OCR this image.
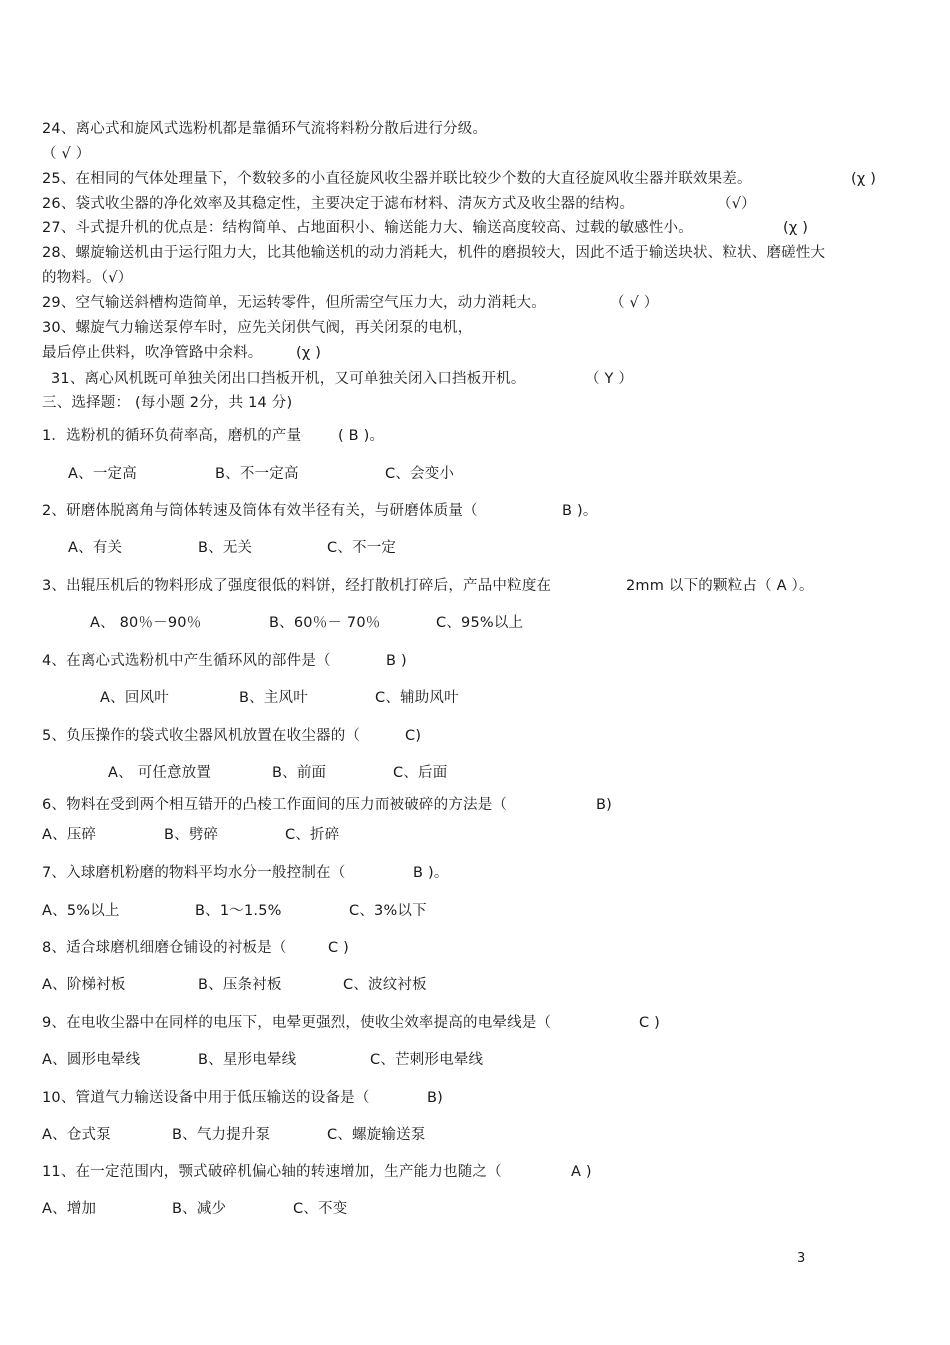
24、离心式和旋风式选粉机都是靠循环气流将料粉分散后进行分级。
（ √ ）
25、在相同的气体处理量下，个数较多的小直径旋风收尘器并联比较少个数的大直径旋风收尘器并联效果差。	(χ )
26、袋式收尘器的净化效率及其稳定性，主要决定于滤布材料、清灰方式及收尘器的结构。	（√）
27、斗式提升机的优点是：结构简单、占地面积小、输送能力大、输送高度较高、过载的敏感性小。	(χ )
28、螺旋输送机由于运行阻力大，比其他输送机的动力消耗大，机件的磨损较大，因此不适于输送块状、粒状、磨磋性大
的物料。（√）
29、空气输送斜槽构造简单，无运转零件，但所需空气压力大，动力消耗大。	（ √ ）
30、螺旋气力输送泵停车时，应先关闭供气阀，再关闭泵的电机，
最后停止供料，吹净管路中余料。 (χ )
31、离心风机既可单独关闭出口挡板开机，又可单独关闭入口挡板开机。	（ Y ）
三、选择题： (每小题 2分，共 14 分)
1．选粉机的循环负荷率高，磨机的产量	( B )。
A、一定高	B、不一定高	C、会变小
2、研磨体脱离角与筒体转速及筒体有效半径有关，与研磨体质量（	B )。
A、有关	B、无关	C、不一定
3、出辊压机后的物料形成了强度很低的料饼，经打散机打碎后，产品中粒度在	2mm 以下的颗粒占（ A ）。
A、 80％－90％	B、60％－ 70％	C、95%以上
4、在离心式选粉机中产生循环风的部件是（	B )
A、回风叶	B、主风叶	C、辅助风叶
5、负压操作的袋式收尘器风机放置在收尘器的（	C)
A、 可任意放置	B、前面	C、后面
6、物料在受到两个相互错开的凸棱工作面间的压力而被破碎的方法是（	B)
A、压碎	B、劈碎	C、折碎
7、入球磨机粉磨的物料平均水分一般控制在（	B )。
A、5%以上	B、1～1.5%	C、3%以下
8、适合球磨机细磨仓铺设的衬板是（	C )
A、阶梯衬板	B、压条衬板	C、波纹衬板
9、在电收尘器中在同样的电压下，电晕更强烈，使收尘效率提高的电晕线是（	C )
A、圆形电晕线	B、星形电晕线	C、芒刺形电晕线
10、管道气力输送设备中用于低压输送的设备是（	B)
A、仓式泵	B、气力提升泵	C、螺旋输送泵
11、在一定范围内，颚式破碎机偏心轴的转速增加，生产能力也随之（	A )
A、增加	B、减少	C、不变
3
